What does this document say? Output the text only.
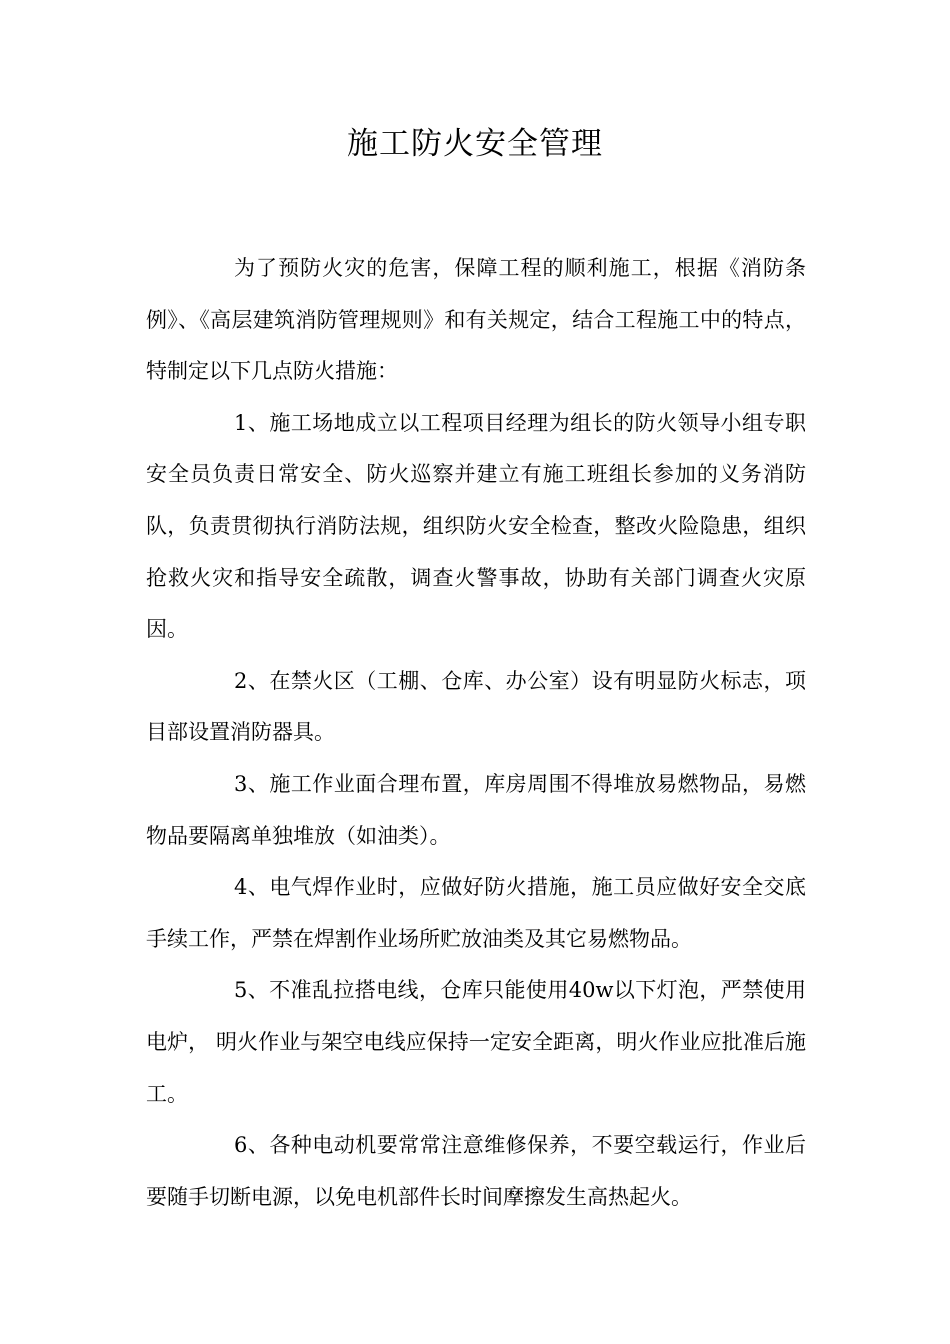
施工防火安全管理

为了预防火灾的危害，保障工程的顺利施工，根据《消防条例》、《高层建筑消防管理规则》和有关规定，结合工程施工中的特点，特制定以下几点防火措施：

1、施工场地成立以工程项目经理为组长的防火领导小组专职安全员负责日常安全、防火巡察并建立有施工班组长参加的义务消防队，负责贯彻执行消防法规，组织防火安全检查，整改火险隐患，组织抢救火灾和指导安全疏散，调查火警事故，协助有关部门调查火灾原因。

2、在禁火区（工棚、仓库、办公室）设有明显防火标志，项目部设置消防器具。

3、施工作业面合理布置，库房周围不得堆放易燃物品，易燃物品要隔离单独堆放（如油类）。

4、电气焊作业时，应做好防火措施，施工员应做好安全交底手续工作，严禁在焊割作业场所贮放油类及其它易燃物品。

5、不准乱拉搭电线，仓库只能使用40w以下灯泡，严禁使用电炉， 明火作业与架空电线应保持一定安全距离，明火作业应批准后施工。

6、各种电动机要常常注意维修保养，不要空载运行，作业后要随手切断电源，以免电机部件长时间摩擦发生高热起火。
